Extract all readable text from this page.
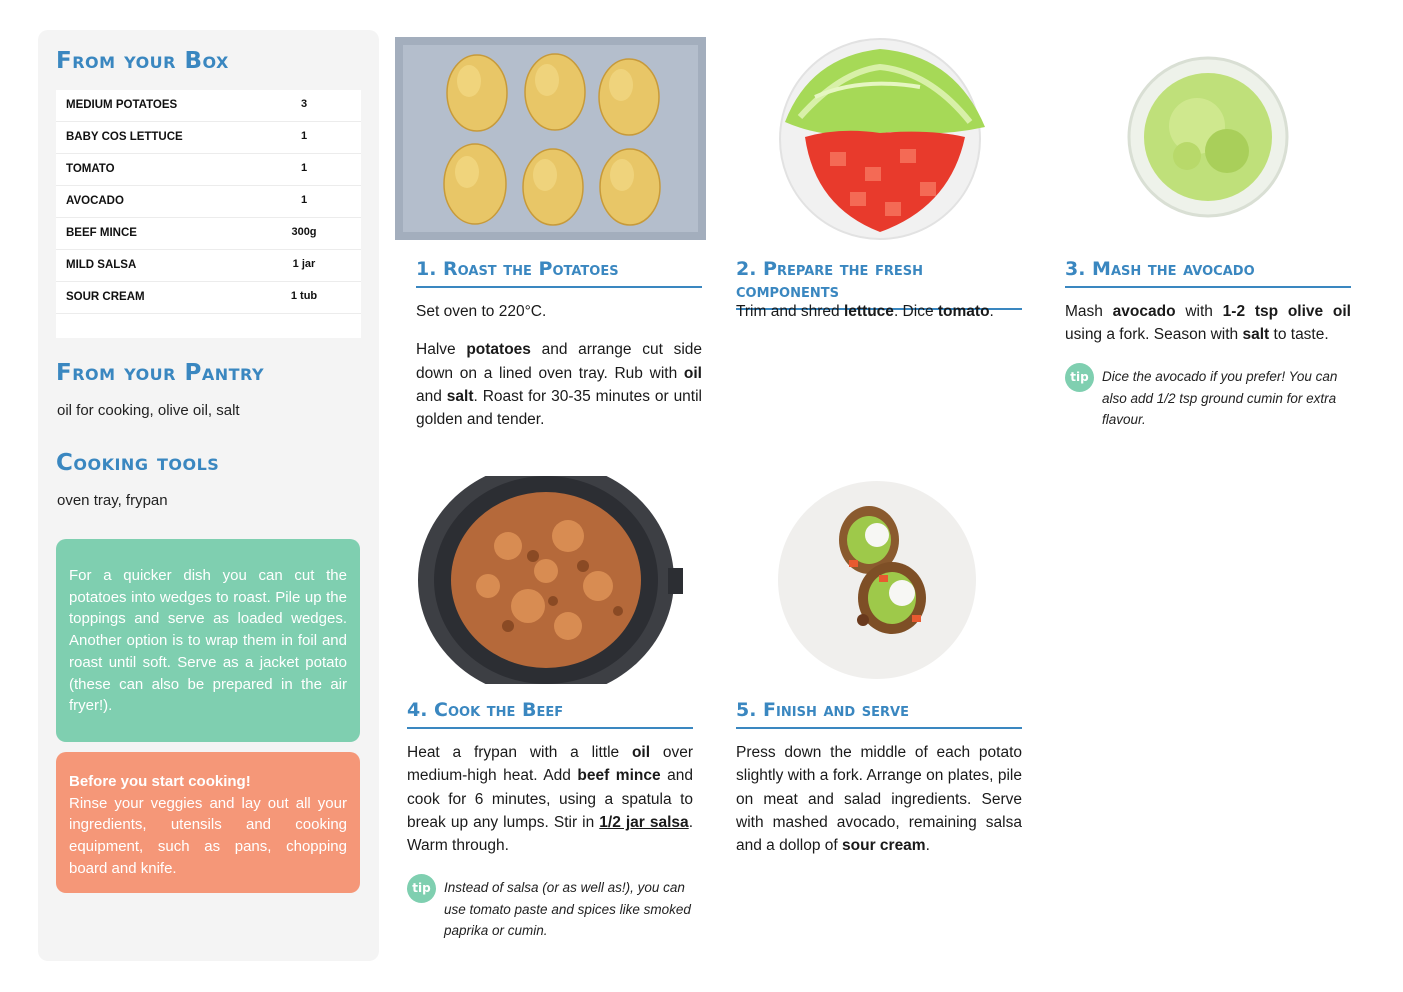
From your Box
MEDIUM POTATOES	3
BABY COS LETTUCE	1
TOMATO	1
AVOCADO	1
BEEF MINCE	300g
MILD SALSA	1 jar
SOUR CREAM	1 tub
From your Pantry
oil for cooking, olive oil, salt
Cooking tools
oven tray, frypan
For a quicker dish you can cut the potatoes into wedges to roast. Pile up the toppings and serve as loaded wedges. Another option is to wrap them in foil and roast until soft. Serve as a jacket potato (these can also be prepared in the air fryer!).
Before you start cooking!
Rinse your veggies and lay out all your ingredients, utensils and cooking equipment, such as pans, chopping board and knife.
1. Roast the Potatoes

Set oven to 220°C.

Halve potatoes and arrange cut side down on a lined oven tray. Rub with oil and salt. Roast for 30-35 minutes or until golden and tender.

2. Prepare the fresh components

Trim and shred lettuce. Dice tomato.

3. Mash the avocado

Mash avocado with 1-2 tsp olive oil using a fork. Season with salt to taste.

tip Dice the avocado if you prefer! You can also add 1/2 tsp ground cumin for extra flavour.
4. Cook the Beef

Heat a frypan with a little oil over medium-high heat. Add beef mince and cook for 6 minutes, using a spatula to break up any lumps. Stir in 1/2 jar salsa. Warm through.

tip Instead of salsa (or as well as!), you can use tomato paste and spices like smoked paprika or cumin.
5. Finish and serve

Press down the middle of each potato slightly with a fork. Arrange on plates, pile on meat and salad ingredients. Serve with mashed avocado, remaining salsa and a dollop of sour cream.
